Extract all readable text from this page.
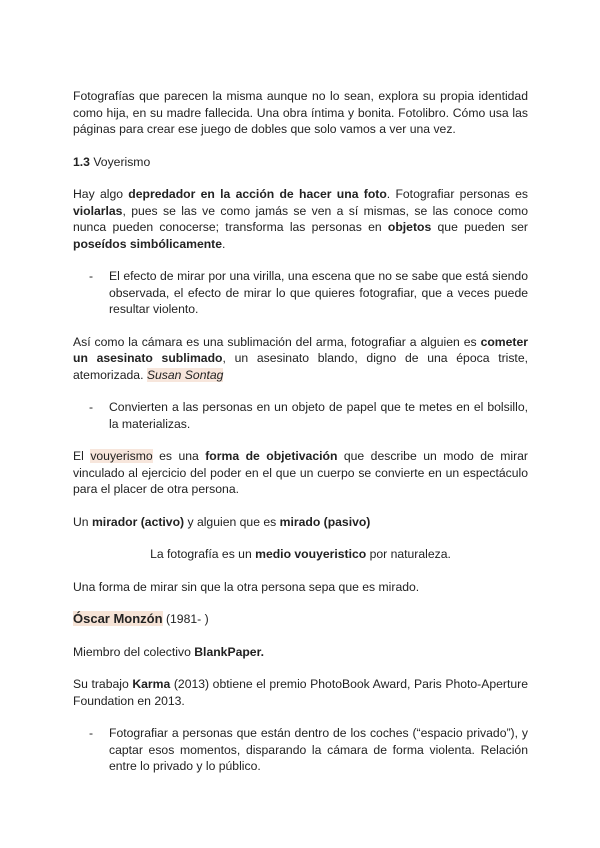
Fotografías que parecen la misma aunque no lo sean, explora su propia identidad como hija, en su madre fallecida. Una obra íntima y bonita. Fotolibro. Cómo usa las páginas para crear ese juego de dobles que solo vamos a ver una vez.

1.3 Voyerismo

Hay algo depredador en la acción de hacer una foto. Fotografiar personas es violarlas, pues se las ve como jamás se ven a sí mismas, se las conoce como nunca pueden conocerse; transforma las personas en objetos que pueden ser poseídos simbólicamente.

- El efecto de mirar por una virilla, una escena que no se sabe que está siendo observada, el efecto de mirar lo que quieres fotografiar, que a veces puede resultar violento.

Así como la cámara es una sublimación del arma, fotografiar a alguien es cometer un asesinato sublimado, un asesinato blando, digno de una época triste, atemorizada. Susan Sontag

- Convierten a las personas en un objeto de papel que te metes en el bolsillo, la materializas.

El vouyerismo es una forma de objetivación que describe un modo de mirar vinculado al ejercicio del poder en el que un cuerpo se convierte en un espectáculo para el placer de otra persona.

Un mirador (activo) y alguien que es mirado (pasivo)

La fotografía es un medio vouyeristico por naturaleza.

Una forma de mirar sin que la otra persona sepa que es mirado.

Óscar Monzón (1981- )

Miembro del colectivo BlankPaper.

Su trabajo Karma (2013) obtiene el premio PhotoBook Award, Paris Photo-Aperture Foundation en 2013.

- Fotografiar a personas que están dentro de los coches (“espacio privado”), y captar esos momentos, disparando la cámara de forma violenta. Relación entre lo privado y lo público.
